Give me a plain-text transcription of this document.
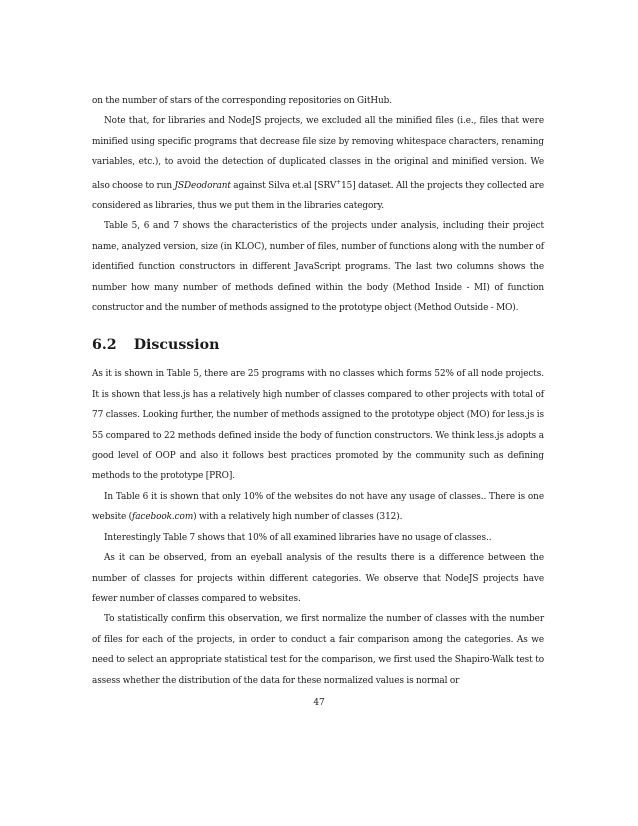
on the number of stars of the corresponding repositories on GitHub.

Note that, for libraries and NodeJS projects, we excluded all the minified files (i.e., files that were minified using specific programs that decrease file size by removing whitespace characters, renaming variables, etc.), to avoid the detection of duplicated classes in the original and minified version. We also choose to run JSDeodorant against Silva et.al [SRV+15] dataset. All the projects they collected are considered as libraries, thus we put them in the libraries category.

Table 5, 6 and 7 shows the characteristics of the projects under analysis, including their project name, analyzed version, size (in KLOC), number of files, number of functions along with the number of identified function constructors in different JavaScript programs. The last two columns shows the number how many number of methods defined within the body (Method Inside - MI) of function constructor and the number of methods assigned to the prototype object (Method Outside - MO).

6.2 Discussion

As it is shown in Table 5, there are 25 programs with no classes which forms 52% of all node projects. It is shown that less.js has a relatively high number of classes compared to other projects with total of 77 classes. Looking further, the number of methods assigned to the prototype object (MO) for less.js is 55 compared to 22 methods defined inside the body of function constructors. We think less.js adopts a good level of OOP and also it follows best practices promoted by the community such as defining methods to the prototype [PRO].

In Table 6 it is shown that only 10% of the websites do not have any usage of classes.. There is one website (facebook.com) with a relatively high number of classes (312).

Interestingly Table 7 shows that 10% of all examined libraries have no usage of classes..

As it can be observed, from an eyeball analysis of the results there is a difference between the number of classes for projects within different categories. We observe that NodeJS projects have fewer number of classes compared to websites.

To statistically confirm this observation, we first normalize the number of classes with the number of files for each of the projects, in order to conduct a fair comparison among the categories. As we need to select an appropriate statistical test for the comparison, we first used the Shapiro-Walk test to assess whether the distribution of the data for these normalized values is normal or

47
